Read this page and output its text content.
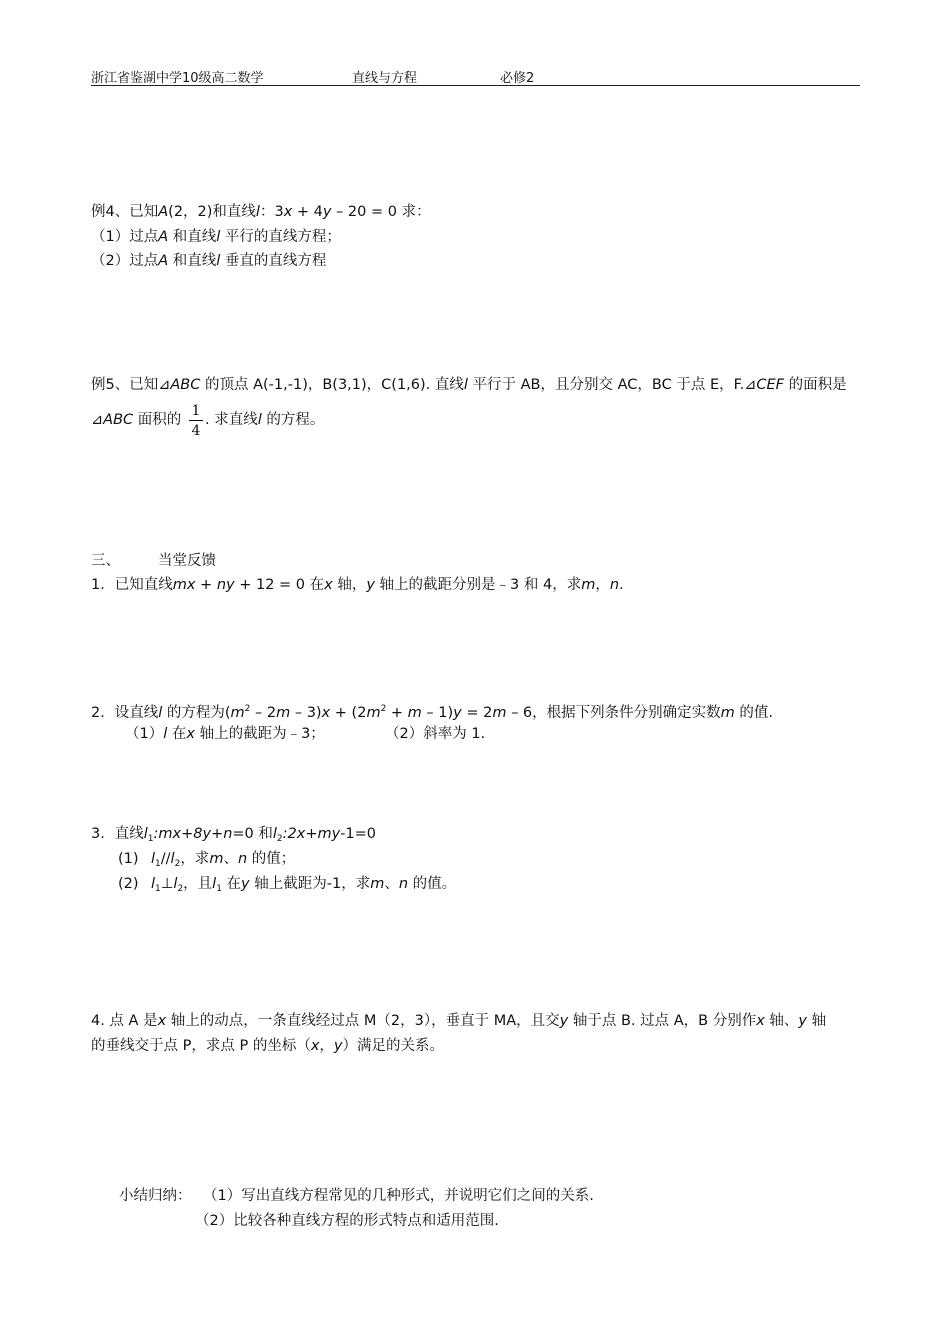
浙江省鉴湖中学10级高二数学	直线与方程	必修2
例4、已知A(2，2)和直线l：3x + 4y – 20 = 0 求：
（1）过点A 和直线l 平行的直线方程；
（2）过点A 和直线l 垂直的直线方程
例5、已知⊿ABC 的顶点 A(-1,-1)，B(3,1)，C(1,6). 直线l 平行于 AB，且分别交 AC，BC 于点 E，F.⊿CEF 的面积是
⊿ABC 面积的
1
4
. 求直线l 的方程。
三、	当堂反馈
1．已知直线mx + ny + 12 = 0 在x 轴，y 轴上的截距分别是﹣3 和 4，求m，n.
2．设直线l 的方程为$(m^2 - 2m - 3)x + (2m^2 + m - 1)y = 2m - 6$，根据下列条件分别确定实数m 的值.
（1）l 在x 轴上的截距为﹣3；	（2）斜率为 1.
3．直线$l_1:mx+8y+n=0$ 和$l_2:2x+my-1=0$
(1) $l_1//l_2$，求m、n 的值；
(2) $l_1\perp l_2$，且$l_1$ 在y 轴上截距为-1，求m、n 的值。
4. 点 A 是x 轴上的动点，一条直线经过点 M（2，3），垂直于 MA，且交y 轴于点 B. 过点 A，B 分别作x 轴、y 轴
的垂线交于点 P，求点 P 的坐标（x，y）满足的关系。
小结归纳： （1）写出直线方程常见的几种形式，并说明它们之间的关系.
（2）比较各种直线方程的形式特点和适用范围.
